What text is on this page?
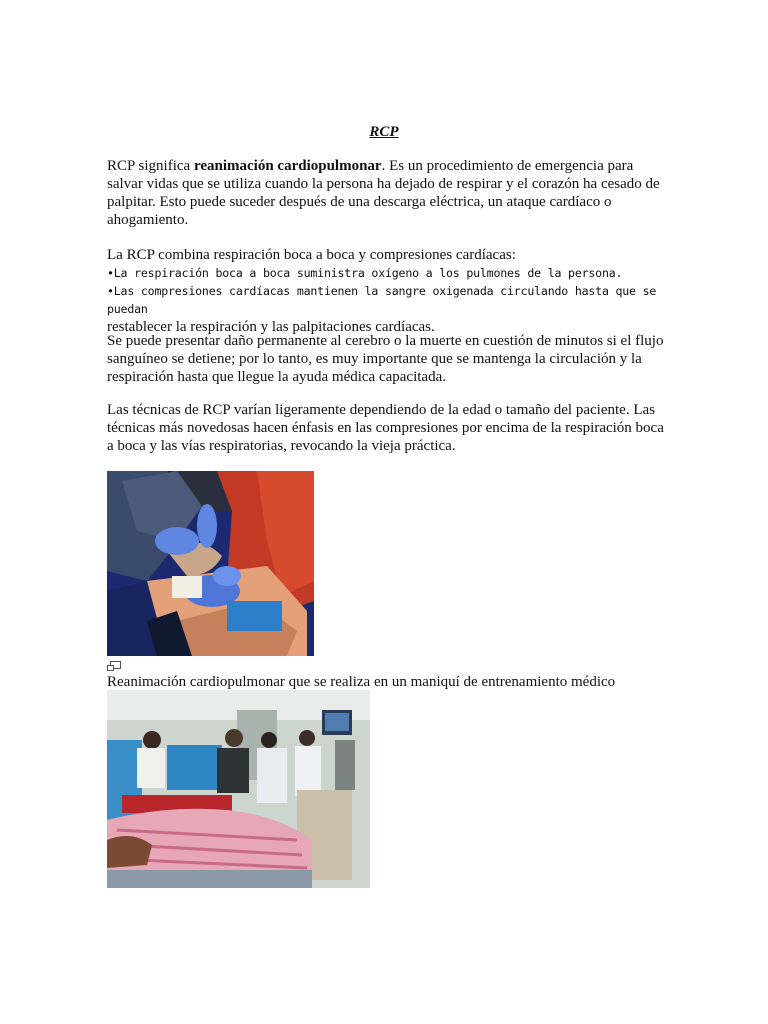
RCP

RCP significa reanimación cardiopulmonar. Es un procedimiento de emergencia para salvar vidas que se utiliza cuando la persona ha dejado de respirar y el corazón ha cesado de palpitar. Esto puede suceder después de una descarga eléctrica, un ataque cardíaco o ahogamiento.

La RCP combina respiración boca a boca y compresiones cardíacas:
•La respiración boca a boca suministra oxígeno a los pulmones de la persona.
•Las compresiones cardíacas mantienen la sangre oxigenada circulando hasta que se puedan
restablecer la respiración y las palpitaciones cardíacas.

Se puede presentar daño permanente al cerebro o la muerte en cuestión de minutos si el flujo sanguíneo se detiene; por lo tanto, es muy importante que se mantenga la circulación y la respiración hasta que llegue la ayuda médica capacitada.

Las técnicas de RCP varían ligeramente dependiendo de la edad o tamaño del paciente. Las técnicas más novedosas hacen énfasis en las compresiones por encima de la respiración boca a boca y las vías respiratorias, revocando la vieja práctica.

Reanimación cardiopulmonar que se realiza en un maniquí de entrenamiento médico
